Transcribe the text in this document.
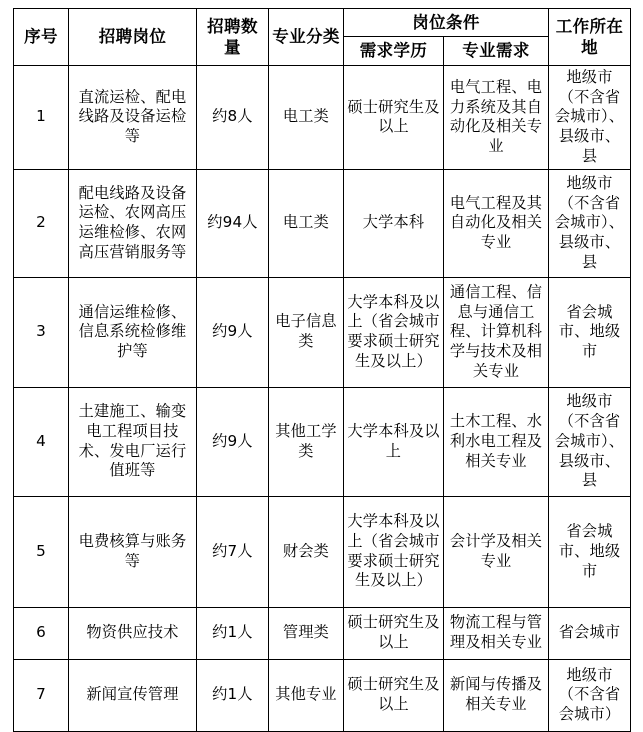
序号	招聘岗位	招聘数量	专业分类	岗位条件		工作所在地
				需求学历	专业需求	
1	直流运检、配电线路及设备运检等	约8人	电工类	硕士研究生及以上	电气工程、电力系统及其自动化及相关专业	地级市（不含省会城市）、县级市、县
2	配电线路及设备运检、农网高压运维检修、农网高压营销服务等	约94人	电工类	大学本科	电气工程及其自动化及相关专业	地级市（不含省会城市）、县级市、县
3	通信运维检修、信息系统检修维护等	约9人	电子信息类	大学本科及以上（省会城市要求硕士研究生及以上）	通信工程、信息与通信工程、计算机科学与技术及相关专业	省会城市、地级市
4	土建施工、输变电工程项目技术、发电厂运行值班等	约9人	其他工学类	大学本科及以上	土木工程、水利水电工程及相关专业	地级市（不含省会城市）、县级市、县
5	电费核算与账务等	约7人	财会类	大学本科及以上（省会城市要求硕士研究生及以上）	会计学及相关专业	省会城市、地级市
6	物资供应技术	约1人	管理类	硕士研究生及以上	物流工程与管理及相关专业	省会城市
7	新闻宣传管理	约1人	其他专业	硕士研究生及以上	新闻与传播及相关专业	地级市（不含省会城市）
